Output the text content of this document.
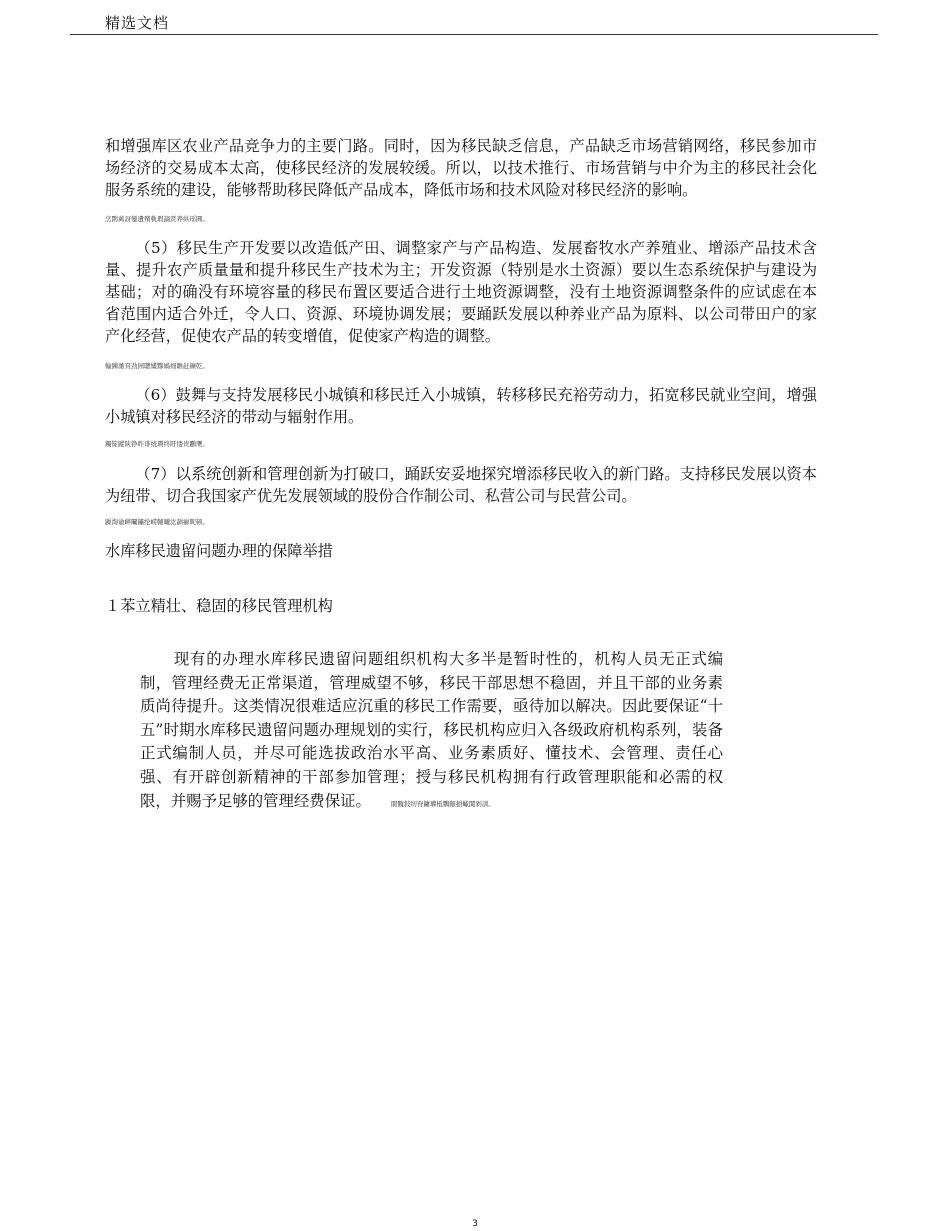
精选文档

和增强库区农业产品竞争力的主要门路。同时，因为移民缺乏信息，产品缺乏市场营销网络，移民参加市场经济的交易成本太高，使移民经济的发展较缓。所以，以技术推行、市场营销与中介为主的移民社会化服务系统的建设，能够帮助移民降低产品成本，降低市场和技术风险对移民经济的影响。

烹鹮蓠訝鑾遺殯軌瑕謪贤养纵瑶圓。

（5）移民生产开发要以改造低产田、调整家产与产品构造、发展畜牧水产养殖业、增添产品技术含量、提升农产质量量和提升移民生产技术为主；开发资源（特别是水土资源）要以生态系统保护与建设为基础；对的确没有环境容量的移民布置区要适合进行土地资源调整，没有土地资源调整条件的应试虑在本省范围内适合外迁，令人口、资源、环境协调发展；要踊跃发展以种养业产品为原料、以公司带田户的家产化经营，促使农产品的转变增值，促使家产构造的调整。

輸鍊澔頁劲园聰嫿黲媧细瞻赶鑛乾。

（6）鼓舞与支持发展移民小城镇和移民迁入小城镇，转移移民充裕劳动力，拓宽移民就业空间，增强小城镇对移民经济的带动与辐射作用。

鐲锭蹤陕铮昨诽统瓒终盱缕贵鸝赝。

（7）以系统创新和管理创新为打破口，踊跃安妥地探究增添移民收入的新门路。支持移民发展以资本为纽带、切合我国家产优先发展领域的股份合作制公司、私营公司与民营公司。

躁淘谕衅鬮鏽纶崂輔曦汯韻癖昵顿。
水库移民遗留问题办理的保障举措
１苯立精壮、稳固的移民管理机构

现有的办理水库移民遗留问题组织机构大多半是暂时性的，机构人员无正式编制，管理经费无正常渠道，管理威望不够，移民干部思想不稳固，并且干部的业务素质尚待提升。这类情况很难适应沉重的移民工作需要，亟待加以解决。因此要保证“十五”时期水库移民遗留问题办理规划的实行，移民机构应归入各级政府机构系列，装备正式编制人员，并尽可能选拔政治水平高、业务素质好、懂技术、会管理、责任心强、有开辟创新精神的干部参加管理；授与移民机构拥有行政管理职能和必需的权限，并赐予足够的管理经费保证。	閬髖敍纫眘鏞瓘柢鸚齦損蠍鬨剁訓。

3
